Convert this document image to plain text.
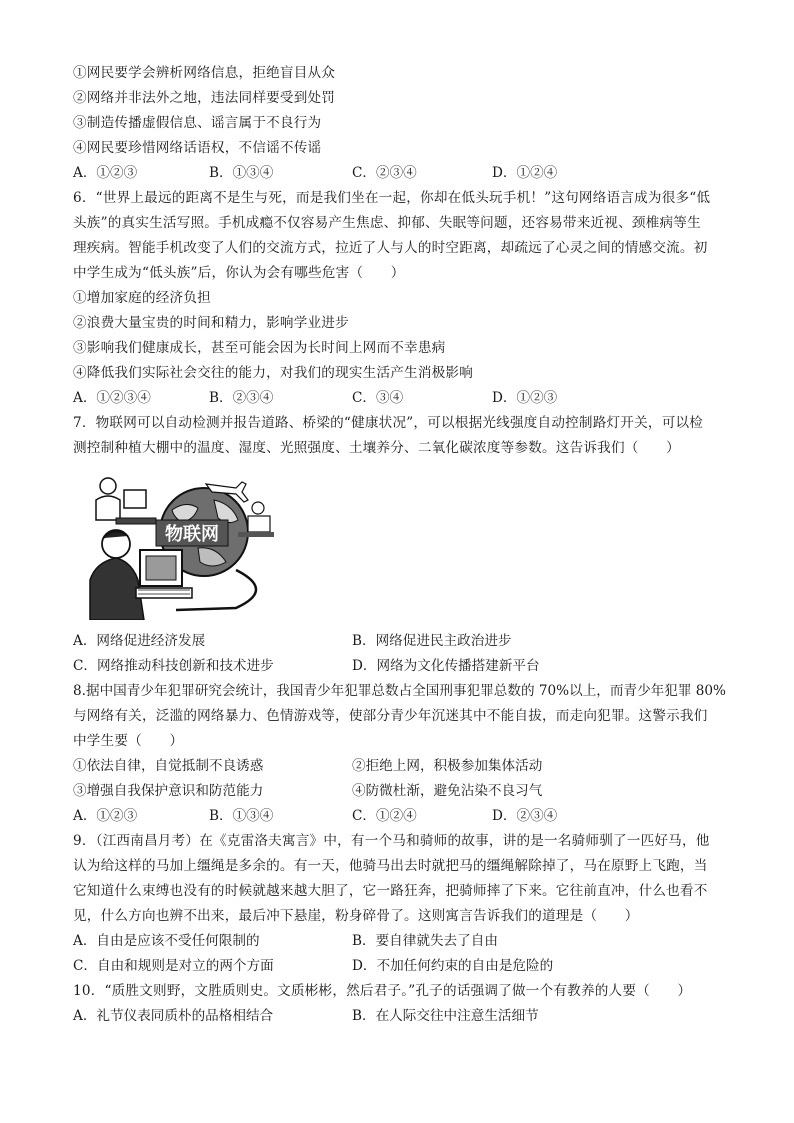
①网民要学会辨析网络信息，拒绝盲目从众
②网络并非法外之地，违法同样要受到处罚
③制造传播虚假信息、谣言属于不良行为
④网民要珍惜网络话语权，不信谣不传谣
A．①②③	B．①③④	C．②③④	D．①②④
6．“世界上最远的距离不是生与死，而是我们坐在一起，你却在低头玩手机！”这句网络语言成为很多“低
头族”的真实生活写照。手机成瘾不仅容易产生焦虑、抑郁、失眠等问题，还容易带来近视、颈椎病等生
理疾病。智能手机改变了人们的交流方式，拉近了人与人的时空距离，却疏远了心灵之间的情感交流。初
中学生成为“低头族”后，你认为会有哪些危害（　　）
①增加家庭的经济负担
②浪费大量宝贵的时间和精力，影响学业进步
③影响我们健康成长，甚至可能会因为长时间上网而不幸患病
④降低我们实际社会交往的能力，对我们的现实生活产生消极影响
A．①②③④	B．②③④	C．③④	D．①②③
7．物联网可以自动检测并报告道路、桥梁的“健康状况”，可以根据光线强度自动控制路灯开关，可以检
测控制种植大棚中的温度、湿度、光照强度、土壤养分、二氧化碳浓度等参数。这告诉我们（　　）
物联网
A．网络促进经济发展	B．网络促进民主政治进步
C．网络推动科技创新和技术进步	D．网络为文化传播搭建新平台
8.据中国青少年犯罪研究会统计，我国青少年犯罪总数占全国刑事犯罪总数的 70%以上，而青少年犯罪 80%
与网络有关，泛滥的网络暴力、色情游戏等，使部分青少年沉迷其中不能自拔，而走向犯罪。这警示我们
中学生要（　　）
①依法自律，自觉抵制不良诱惑	②拒绝上网，积极参加集体活动
③增强自我保护意识和防范能力	④防微杜渐，避免沾染不良习气
A．①②③	B．①③④	C．①②④	D．②③④
9．（江西南昌月考）在《克雷洛夫寓言》中，有一个马和骑师的故事，讲的是一名骑师驯了一匹好马，他
认为给这样的马加上缰绳是多余的。有一天，他骑马出去时就把马的缰绳解除掉了，马在原野上飞跑，当
它知道什么束缚也没有的时候就越来越大胆了，它一路狂奔，把骑师摔了下来。它往前直冲，什么也看不
见，什么方向也辨不出来，最后冲下悬崖，粉身碎骨了。这则寓言告诉我们的道理是（　　）
A．自由是应该不受任何限制的	B．要自律就失去了自由
C．自由和规则是对立的两个方面	D．不加任何约束的自由是危险的
10．“质胜文则野，文胜质则史。文质彬彬，然后君子。”孔子的话强调了做一个有教养的人要（　　）
A．礼节仪表同质朴的品格相结合	B．在人际交往中注意生活细节
